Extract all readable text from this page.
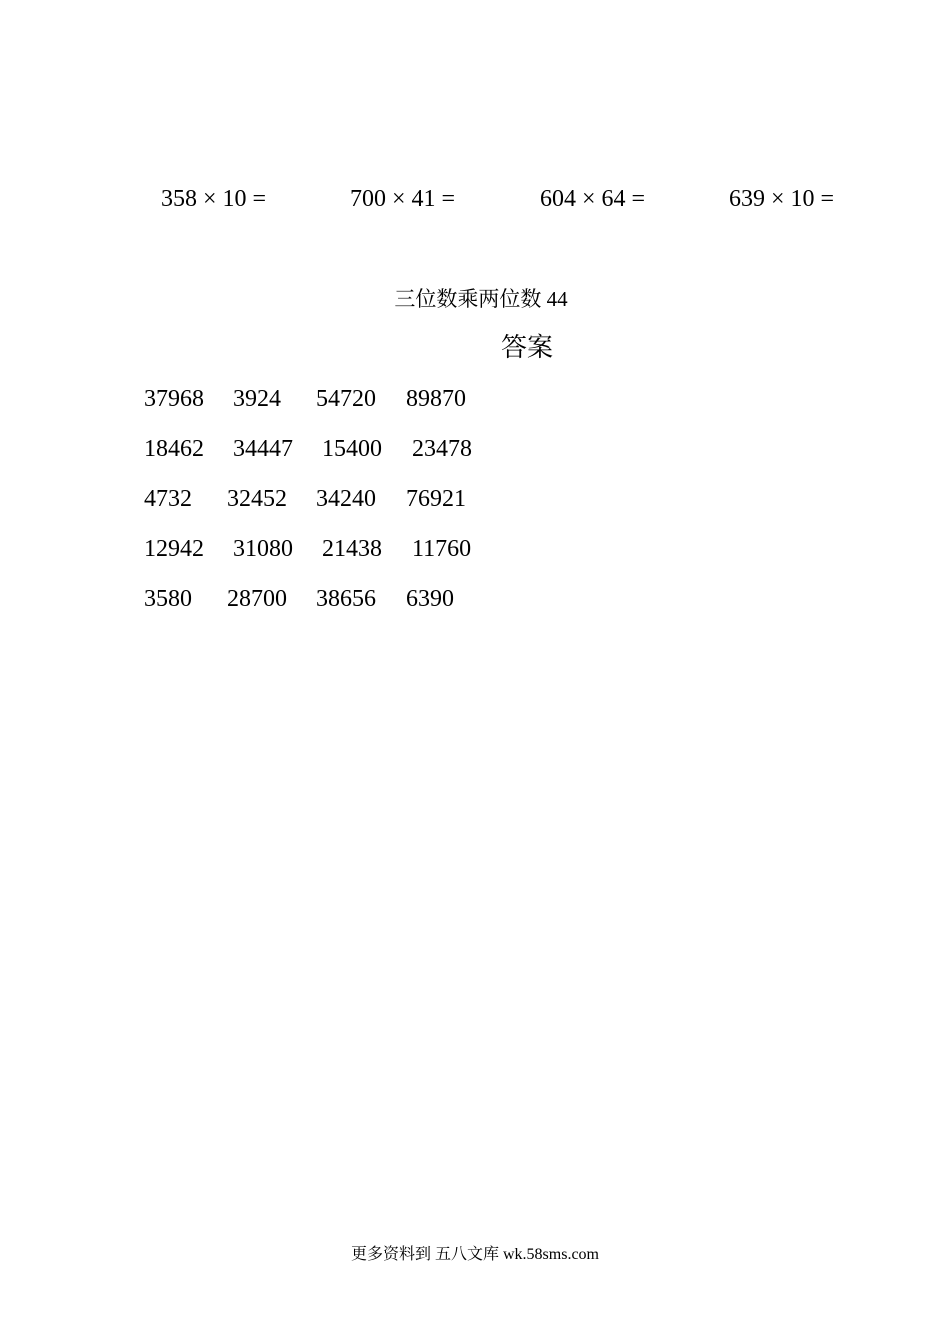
358 × 10 =	700 × 41 =	604 × 64 =	639 × 10 =
三位数乘两位数 44
答案
37968 3924 54720 89870
18462 34447 15400 23478
4732 32452 34240 76921
12942 31080 21438 11760
3580 28700 38656 6390
更多资料到 五八文库 wk.58sms.com
